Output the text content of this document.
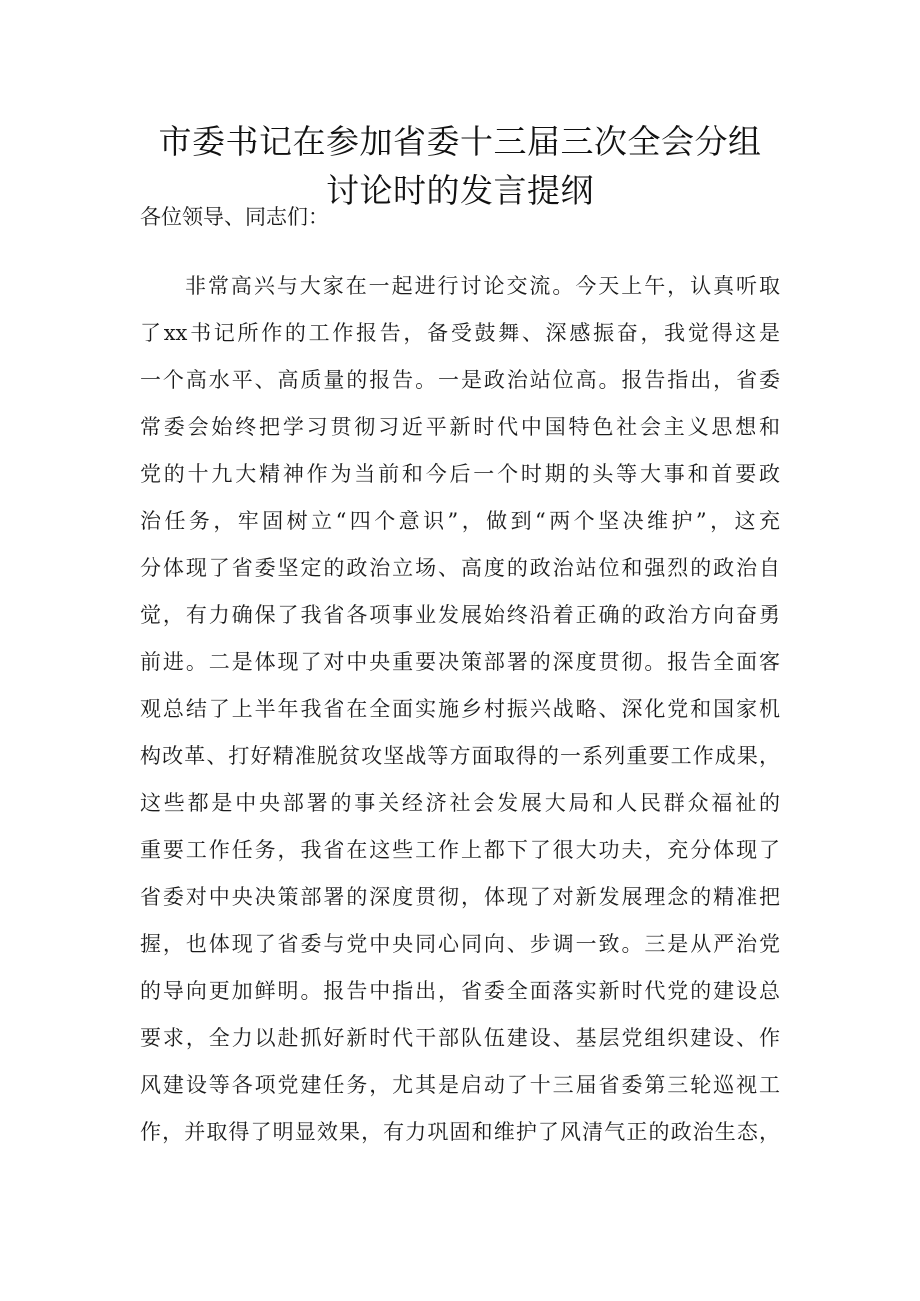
市委书记在参加省委十三届三次全会分组
讨论时的发言提纲
各位领导、同志们：
非常高兴与大家在一起进行讨论交流。今天上午，认真听取
了xx书记所作的工作报告，备受鼓舞、深感振奋，我觉得这是
一个高水平、高质量的报告。一是政治站位高。报告指出，省委
常委会始终把学习贯彻习近平新时代中国特色社会主义思想和
党的十九大精神作为当前和今后一个时期的头等大事和首要政
治任务，牢固树立“四个意识”，做到“两个坚决维护”，这充
分体现了省委坚定的政治立场、高度的政治站位和强烈的政治自
觉，有力确保了我省各项事业发展始终沿着正确的政治方向奋勇
前进。二是体现了对中央重要决策部署的深度贯彻。报告全面客
观总结了上半年我省在全面实施乡村振兴战略、深化党和国家机
构改革、打好精准脱贫攻坚战等方面取得的一系列重要工作成果，
这些都是中央部署的事关经济社会发展大局和人民群众福祉的
重要工作任务，我省在这些工作上都下了很大功夫，充分体现了
省委对中央决策部署的深度贯彻，体现了对新发展理念的精准把
握，也体现了省委与党中央同心同向、步调一致。三是从严治党
的导向更加鲜明。报告中指出，省委全面落实新时代党的建设总
要求，全力以赴抓好新时代干部队伍建设、基层党组织建设、作
风建设等各项党建任务，尤其是启动了十三届省委第三轮巡视工
作，并取得了明显效果，有力巩固和维护了风清气正的政治生态，
